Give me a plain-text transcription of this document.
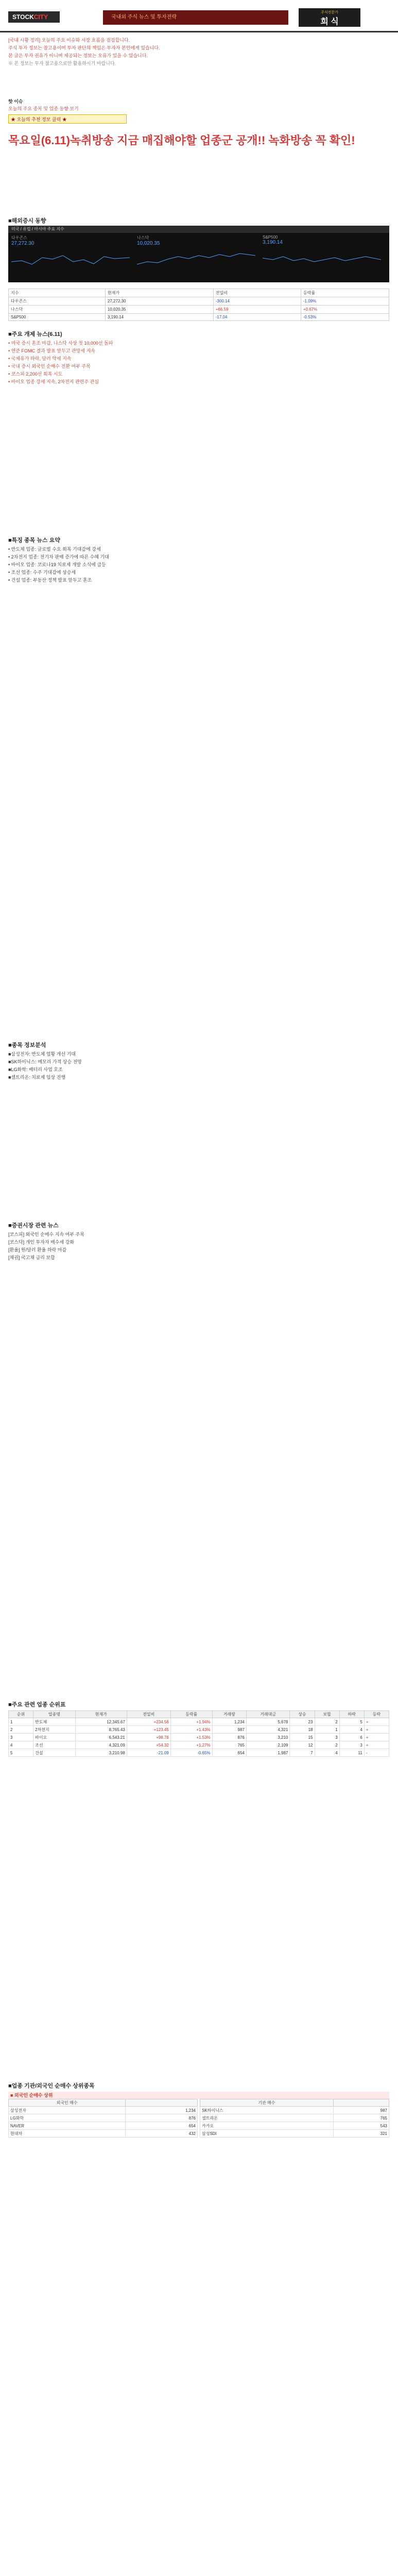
STOCKCITY	국내외 주식 뉴스 및 투자전략
주식전문가
희 식

[국내 시황 정리] 오늘의 주요 이슈와 시장 흐름을 점검합니다.

주식 투자 정보는 참고용이며 투자 판단의 책임은 투자자 본인에게 있습니다.

본 글은 투자 권유가 아니며 제공되는 정보는 오류가 있을 수 있습니다.

※ 본 정보는 투자 참고용으로만 활용하시기 바랍니다.

핫 이슈
오늘의 주요 종목 및 업종 동향 보기
★ 오늘의 추천 정보 클릭 ★
목요일(6.11)녹취방송 지금 매집해야할 업종군 공개!! 녹화방송 꼭 확인!
■해외증시 동향
미국 / 유럽 / 아시아 주요 지수
다우존스
27,272.30
나스닥
10,020.35
S&P500
3,190.14
지수	현재가	전일비	등락률
다우존스	27,272.30	-300.14	-1.09%
나스닥	10,020.35	+66.59	+0.67%
S&P500	3,190.14	-17.04	-0.53%
■주요 개제 뉴스(6.11)

• 미국 증시 혼조 마감, 나스닥 사상 첫 10,000선 돌파

• 연준 FOMC 결과 발표 앞두고 관망세 지속

• 국제유가 하락, 달러 약세 지속

• 국내 증시 외국인 순매수 전환 여부 주목

• 코스피 2,200선 회복 시도

• 바이오 업종 강세 지속, 2차전지 관련주 관심

■특징 종목 뉴스 요약

• 반도체 업종: 글로벌 수요 회복 기대감에 강세

• 2차전지 업종: 전기차 판매 증가에 따른 수혜 기대

• 바이오 업종: 코로나19 치료제 개발 소식에 급등

• 조선 업종: 수주 기대감에 상승세

• 건설 업종: 부동산 정책 발표 앞두고 혼조

■종목 정보분석

■삼성전자: 반도체 업황 개선 기대

■SK하이닉스: 메모리 가격 상승 전망

■LG화학: 배터리 사업 호조

■셀트리온: 치료제 임상 진행

■증권시장 관련 뉴스

[코스피] 외국인 순매수 지속 여부 주목

[코스닥] 개인 투자자 매수세 강화

[환율] 원/달러 환율 하락 마감

[채권] 국고채 금리 보합

■주요 관련 업종 순위표
순위	업종명	현재가	전일비	등락률	거래량	거래대금	상승	보합	하락	등락
1	반도체	12,345.67	+234.56	+1.94%	1,234	5,678	23	2	5	+
2	2차전지	8,765.43	+123.45	+1.43%	987	4,321	18	1	4	+
3	바이오	6,543.21	+98.76	+1.53%	876	3,210	15	3	6	+
4	조선	4,321.09	+54.32	+1.27%	765	2,109	12	2	3	+
5	건설	3,210.98	-21.09	-0.65%	654	1,987	7	4	11	-
■업종 기관/외국인 순매수 상위종목
■ 외국인 순매수 상위
외국인 매수	
삼성전자	1,234
LG화학	876
NAVER	654
현대차	432
기관 매수	
SK하이닉스	987
셀트리온	765
카카오	543
삼성SDI	321
